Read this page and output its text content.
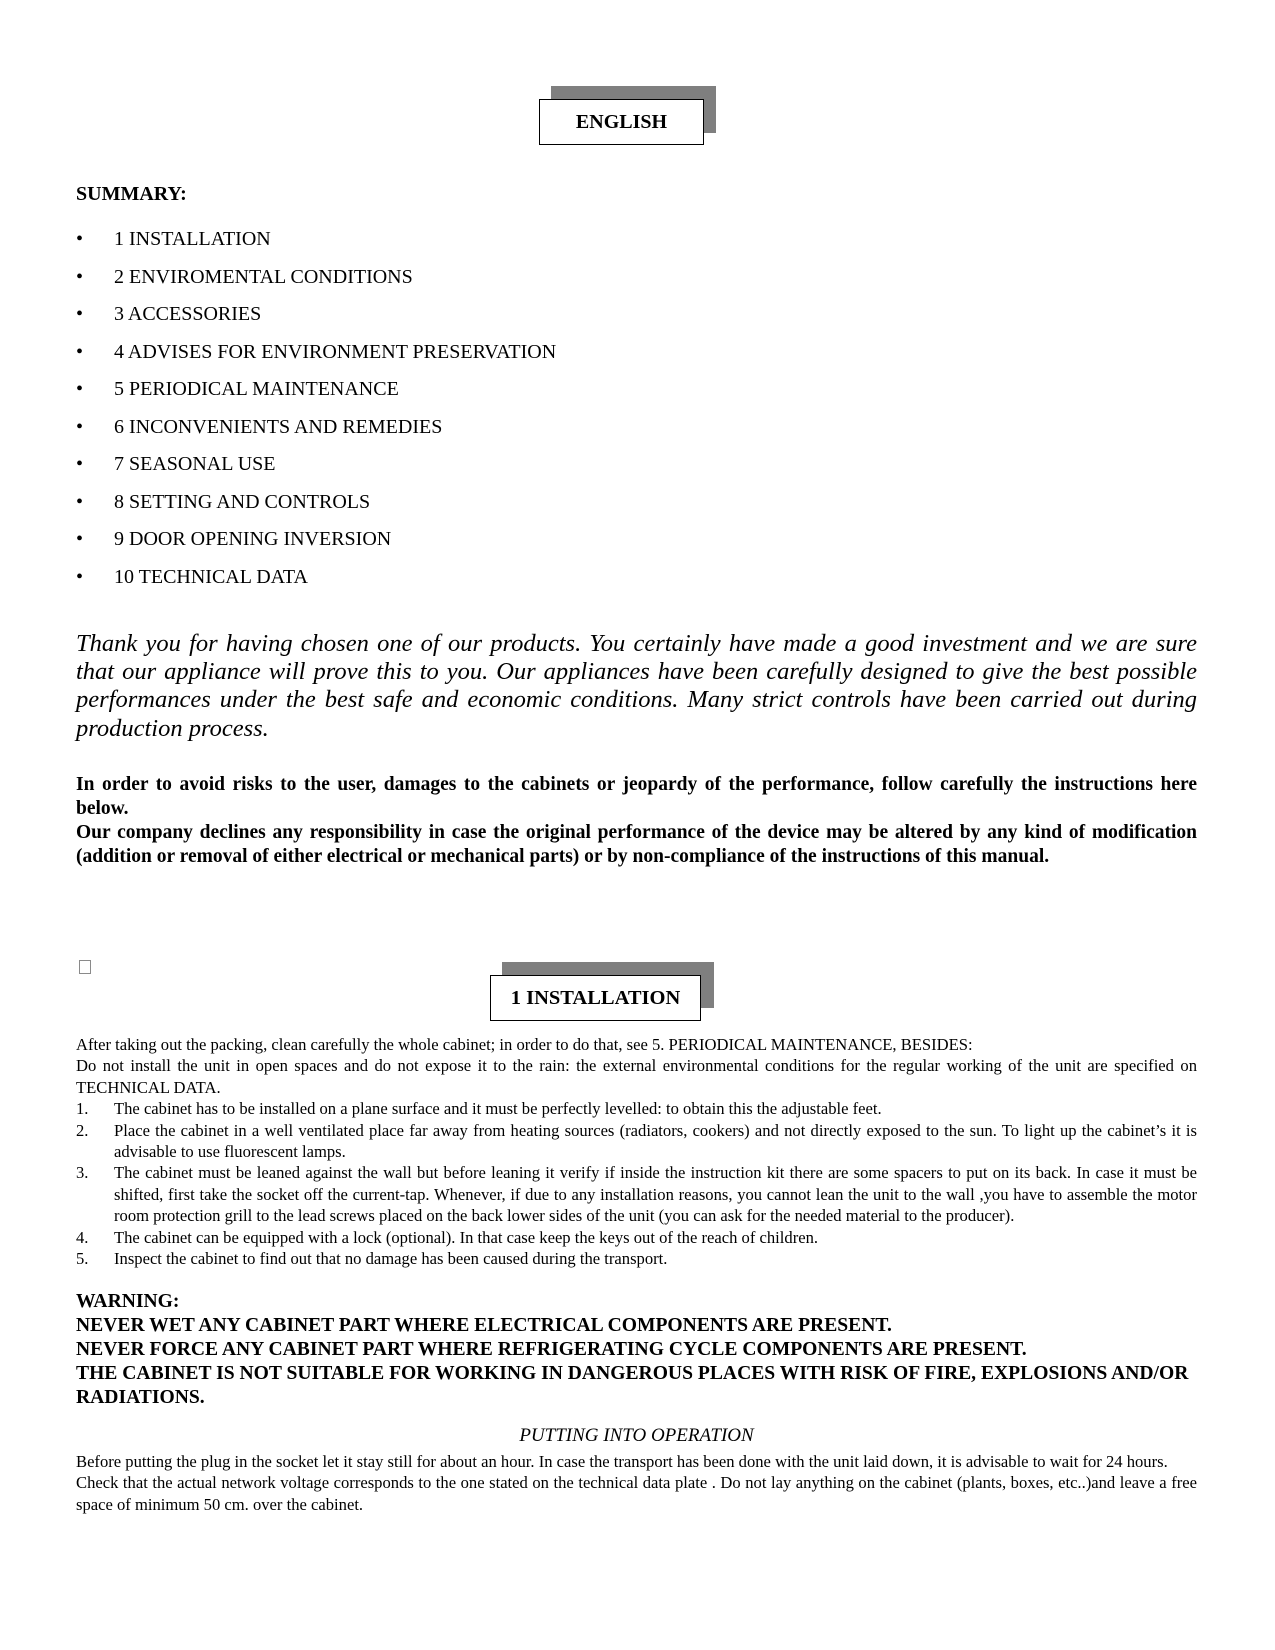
ENGLISH
SUMMARY:
•	1 INSTALLATION
•	2 ENVIROMENTAL CONDITIONS
•	3 ACCESSORIES
•	4 ADVISES FOR ENVIRONMENT PRESERVATION
•	5 PERIODICAL MAINTENANCE
•	6 INCONVENIENTS AND REMEDIES
•	7 SEASONAL USE
•	8 SETTING AND CONTROLS
•	9 DOOR OPENING INVERSION
•	10 TECHNICAL DATA
Thank you for having chosen one of our products. You certainly have made a good investment and we are sure that our appliance will prove this to you. Our appliances have been carefully designed to give the best possible performances under the best safe and economic conditions. Many strict controls have been carried out during production process.

In order to avoid risks to the user, damages to the cabinets or jeopardy of the performance, follow carefully the instructions here below.

Our company declines any responsibility in case the original performance of the device may be altered by any kind of modification (addition or removal of either electrical or mechanical parts) or by non-compliance of the instructions of this manual.

1 INSTALLATION

After taking out the packing, clean carefully the whole cabinet; in order to do that, see 5. PERIODICAL MAINTENANCE, BESIDES:

Do not install the unit in open spaces and do not expose it to the rain: the external environmental conditions for the regular working of the unit are specified on TECHNICAL DATA.

1.	The cabinet has to be installed on a plane surface and it must be perfectly levelled: to obtain this the adjustable feet.
2.	Place the cabinet in a well ventilated place far away from heating sources (radiators, cookers) and not directly exposed to the sun. To light up the cabinet’s it is advisable to use fluorescent lamps.
3.	The cabinet must be leaned against the wall but before leaning it verify if inside the instruction kit there are some spacers to put on its back. In case it must be shifted, first take the socket off the current-tap. Whenever, if due to any installation reasons, you cannot lean the unit to the wall ,you have to assemble the motor room protection grill to the lead screws placed on the back lower sides of the unit (you can ask for the needed material to the producer).
4.	The cabinet can be equipped with a lock (optional). In that case keep the keys out of the reach of children.
5.	Inspect the cabinet to find out that no damage has been caused during the transport.

WARNING:

NEVER WET ANY CABINET PART WHERE ELECTRICAL COMPONENTS ARE PRESENT.

NEVER FORCE ANY CABINET PART WHERE REFRIGERATING CYCLE COMPONENTS ARE PRESENT.

THE CABINET IS NOT SUITABLE FOR WORKING IN DANGEROUS PLACES WITH RISK OF FIRE, EXPLOSIONS AND/OR RADIATIONS.

PUTTING INTO OPERATION

Before putting the plug in the socket let it stay still for about an hour. In case the transport has been done with the unit laid down, it is advisable to wait for 24 hours.

Check that the actual network voltage corresponds to the one stated on the technical data plate . Do not lay anything on the cabinet (plants, boxes, etc..)and leave a free space of minimum 50 cm. over the cabinet.
